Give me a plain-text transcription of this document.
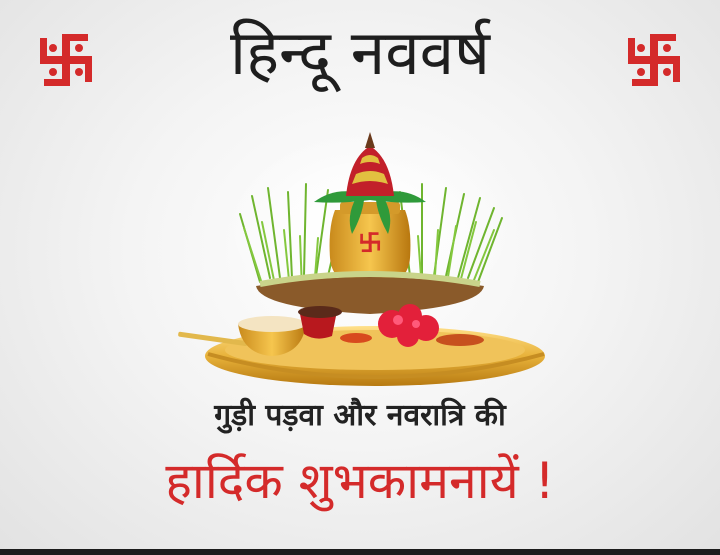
हिन्दू नववर्ष
गुड़ी पड़वा और नवरात्रि की
हार्दिक शुभकामनायें !
